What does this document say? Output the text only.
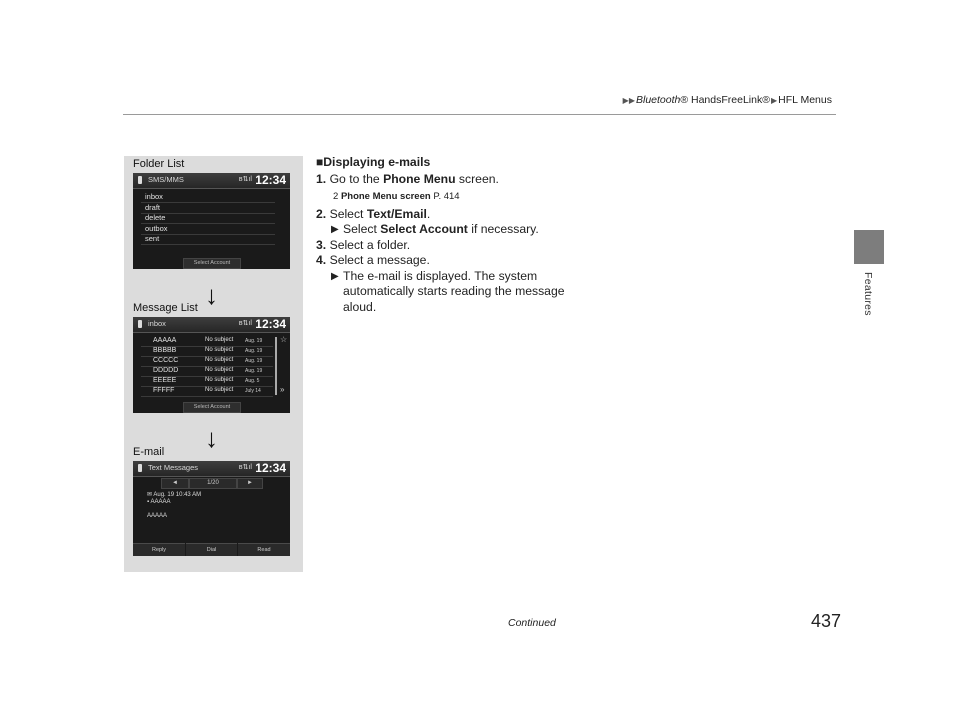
▶▶Bluetooth® HandsFreeLink®▶HFL Menus
Features
Folder List
SMS/MMS	ʙ⇅ıl 12:34
inbox
draft
delete
outbox
sent
Select Account
↓
Message List
inbox	ʙ⇅ıl 12:34
AAAAA	No subject Aug. 19
BBBBB	No subject Aug. 19
CCCCC	No subject Aug. 19
DDDDD	No subject Aug. 19
EEEEE	No subject Aug. 5
FFFFF	No subject July 14
☆
»
Select Account
↓
E-mail
Text Messages	ʙ⇅ıl 12:34
◄	1/20	►
✉ Aug. 19 10:43 AM
▪ AAAAA
AAAAA
Reply	Dial	Read
■Displaying e-mails
1. Go to the Phone Menu screen.
2 Phone Menu screen P. 414
2. Select Text/Email.
▶ Select Select Account if necessary.
3. Select a folder.
4. Select a message.
▶ The e-mail is displayed. The system automatically starts reading the message aloud.
Continued	437
